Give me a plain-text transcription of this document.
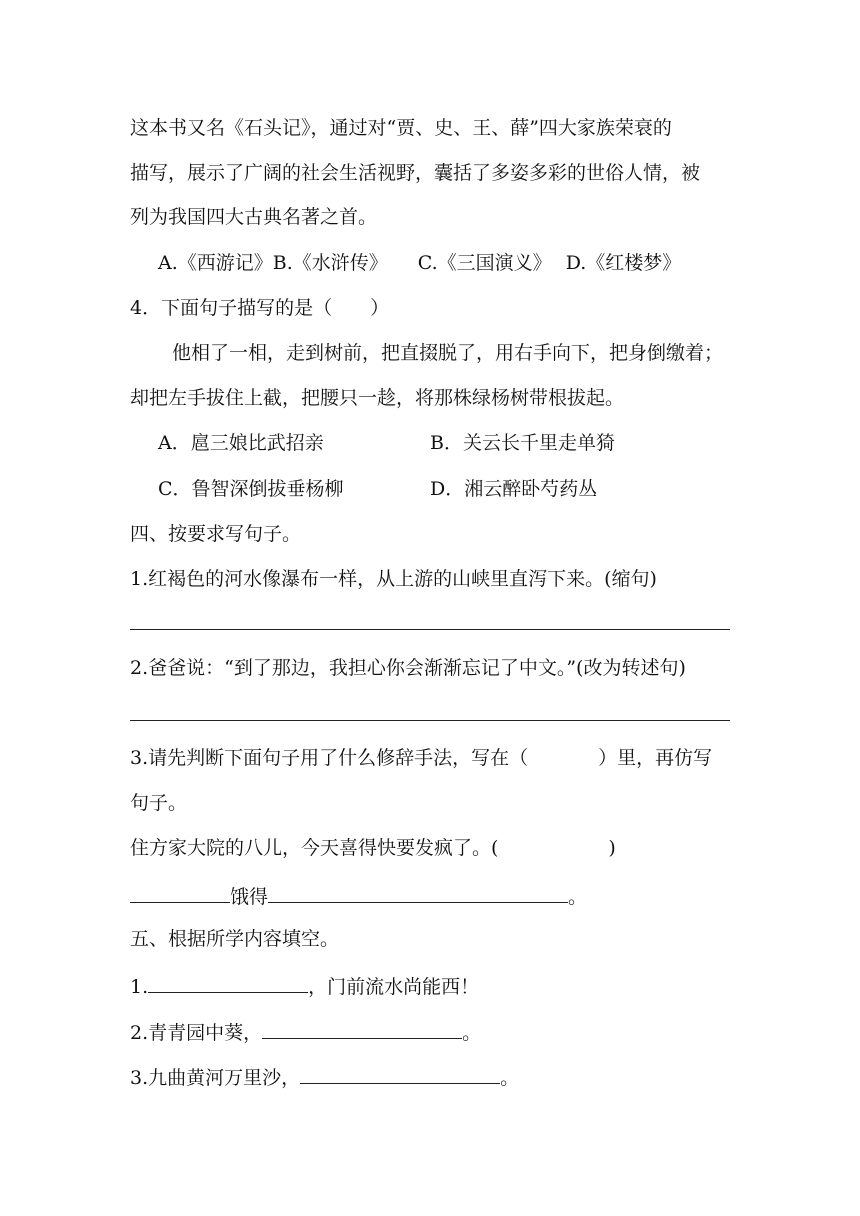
这本书又名《石头记》，通过对“贾、史、王、薛”四大家族荣衰的
描写，展示了广阔的社会生活视野，囊括了多姿多彩的世俗人情，被
列为我国四大古典名著之首。
A.《西游记》B.《水浒传》 C.《三国演义》 D.《红楼梦》
4．下面句子描写的是（　　）
他相了一相，走到树前，把直掇脱了，用右手向下，把身倒缴着；
却把左手拔住上截，把腰只一趁，将那株绿杨树带根拔起。
A．扈三娘比武招亲	B．关云长千里走单猗
C．鲁智深倒拔垂杨柳	D．湘云醉卧芍药丛
四、按要求写句子。
1.红褐色的河水像瀑布一样，从上游的山峡里直泻下来。(缩句)
2.爸爸说：“到了那边，我担心你会渐渐忘记了中文。”(改为转述句)
3.请先判断下面句子用了什么修辞手法，写在（	）里，再仿写
句子。
住方家大院的八儿，今天喜得快要发疯了。(	)
饿得	。
五、根据所学内容填空。
1.	，门前流水尚能西！
2.青青园中葵，	。
3.九曲黄河万里沙，	。
